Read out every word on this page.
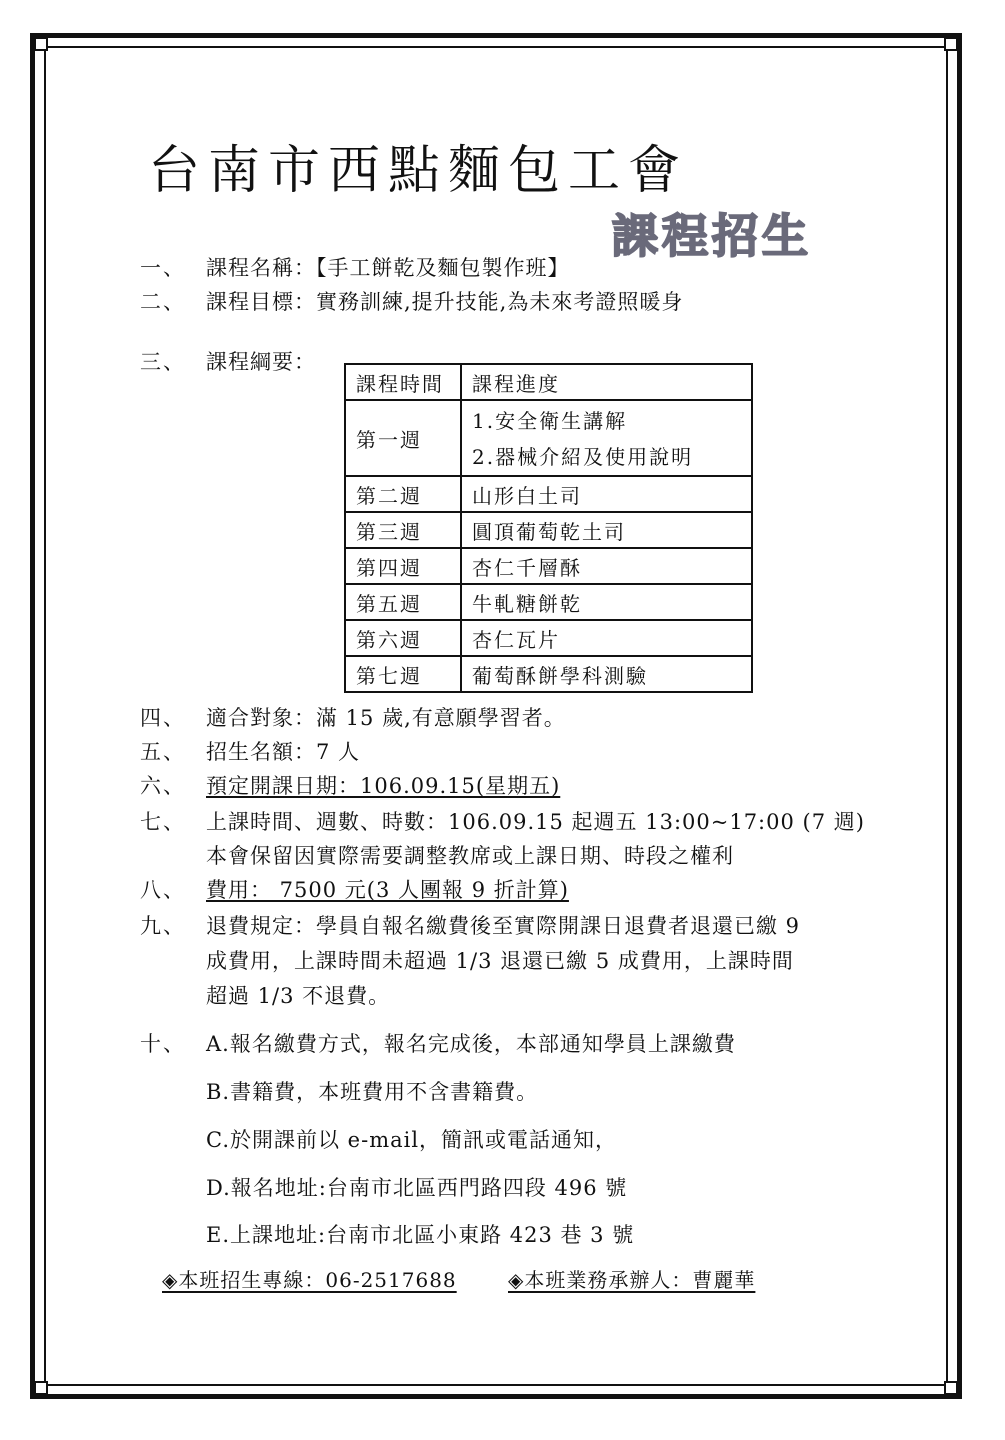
台南市西點麵包工會
課程招生
一、 課程名稱：【手工餅乾及麵包製作班】
二、 課程目標：實務訓練,提升技能,為未來考證照暖身
三、 課程綱要：
課程時間	課程進度
第一週	1.安全衛生講解
2.器械介紹及使用說明

第二週	山形白土司
第三週	圓頂葡萄乾土司
第四週	杏仁千層酥
第五週	牛軋糖餅乾
第六週	杏仁瓦片
第七週	葡萄酥餅學科測驗
四、 適合對象：滿 15 歲,有意願學習者。
五、 招生名額：7 人
六、 預定開課日期：106.09.15(星期五)
七、 上課時間、週數、時數：106.09.15 起週五 13:00~17:00 (7 週)
本會保留因實際需要調整教席或上課日期、時段之權利
八、 費用： 7500 元(3 人團報 9 折計算)
九、 退費規定：學員自報名繳費後至實際開課日退費者退還已繳 9
成費用，上課時間未超過 1/3 退還已繳 5 成費用，上課時間
超過 1/3 不退費。
十、 A.報名繳費方式，報名完成後，本部通知學員上課繳費
B.書籍費，本班費用不含書籍費。
C.於開課前以 e-mail，簡訊或電話通知，
D.報名地址:台南市北區西門路四段 496 號
E.上課地址:台南市北區小東路 423 巷 3 號
◈本班招生專線：06-2517688	◈本班業務承辦人：曹麗華
